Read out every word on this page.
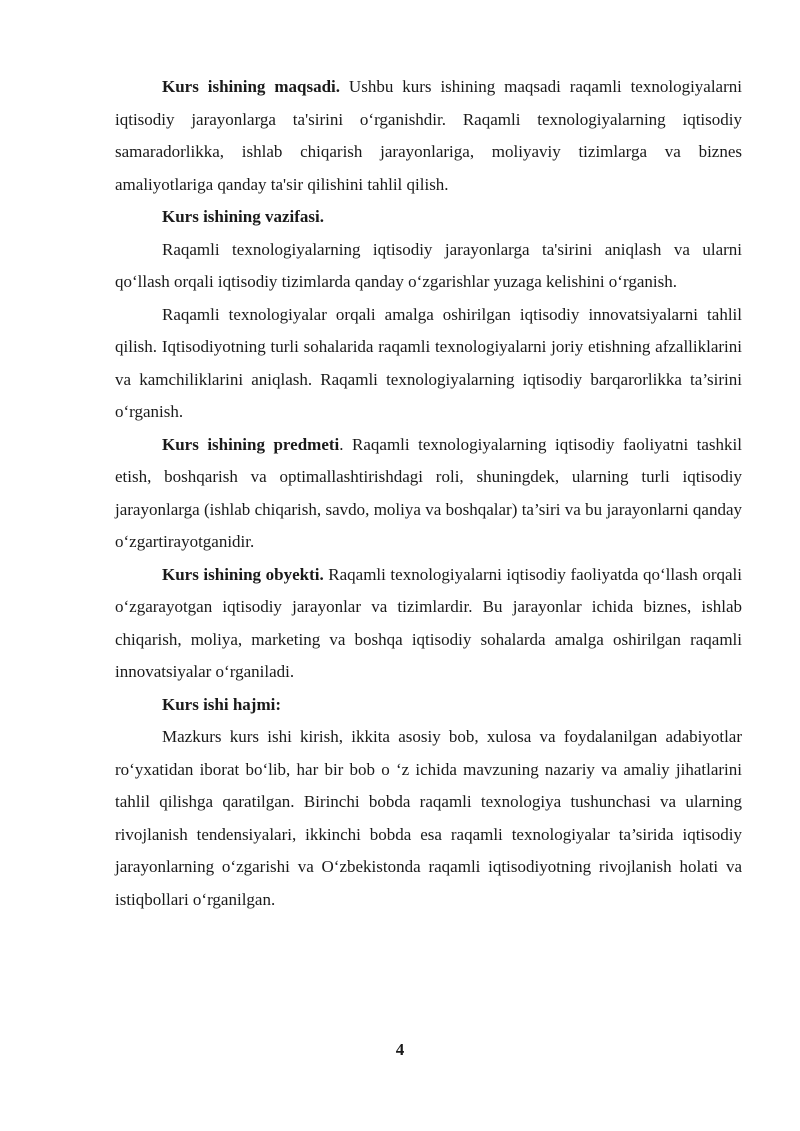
Kurs ishining maqsadi. Ushbu kurs ishining maqsadi raqamli texnologiyalarni iqtisodiy jarayonlarga ta'sirini o‘rganishdir. Raqamli texnologiyalarning iqtisodiy samaradorlikka, ishlab chiqarish jarayonlariga, moliyaviy tizimlarga va biznes amaliyotlariga qanday ta'sir qilishini tahlil qilish.

Kurs ishining vazifasi.

Raqamli texnologiyalarning iqtisodiy jarayonlarga ta'sirini aniqlash va ularni qo‘llash orqali iqtisodiy tizimlarda qanday o‘zgarishlar yuzaga kelishini o‘rganish.

Raqamli texnologiyalar orqali amalga oshirilgan iqtisodiy innovatsiyalarni tahlil qilish. Iqtisodiyotning turli sohalarida raqamli texnologiyalarni joriy etishning afzalliklarini va kamchiliklarini aniqlash. Raqamli texnologiyalarning iqtisodiy barqarorlikka ta’sirini o‘rganish.

Kurs ishining predmeti. Raqamli texnologiyalarning iqtisodiy faoliyatni tashkil etish, boshqarish va optimallashtirishdagi roli, shuningdek, ularning turli iqtisodiy jarayonlarga (ishlab chiqarish, savdo, moliya va boshqalar) ta’siri va bu jarayonlarni qanday o‘zgartirayotganidir.

Kurs ishining obyekti. Raqamli texnologiyalarni iqtisodiy faoliyatda qo‘llash orqali o‘zgarayotgan iqtisodiy jarayonlar va tizimlardir. Bu jarayonlar ichida biznes, ishlab chiqarish, moliya, marketing va boshqa iqtisodiy sohalarda amalga oshirilgan raqamli innovatsiyalar o‘rganiladi.

Kurs ishi hajmi:

Mazkurs kurs ishi kirish, ikkita asosiy bob, xulosa va foydalanilgan adabiyotlar ro‘yxatidan iborat bo‘lib, har bir bob o ‘z ichida mavzuning nazariy va amaliy jihatlarini tahlil qilishga qaratilgan. Birinchi bobda raqamli texnologiya tushunchasi va ularning rivojlanish tendensiyalari, ikkinchi bobda esa raqamli texnologiyalar ta’sirida iqtisodiy jarayonlarning o‘zgarishi va O‘zbekistonda raqamli iqtisodiyotning rivojlanish holati va istiqbollari o‘rganilgan.

4
